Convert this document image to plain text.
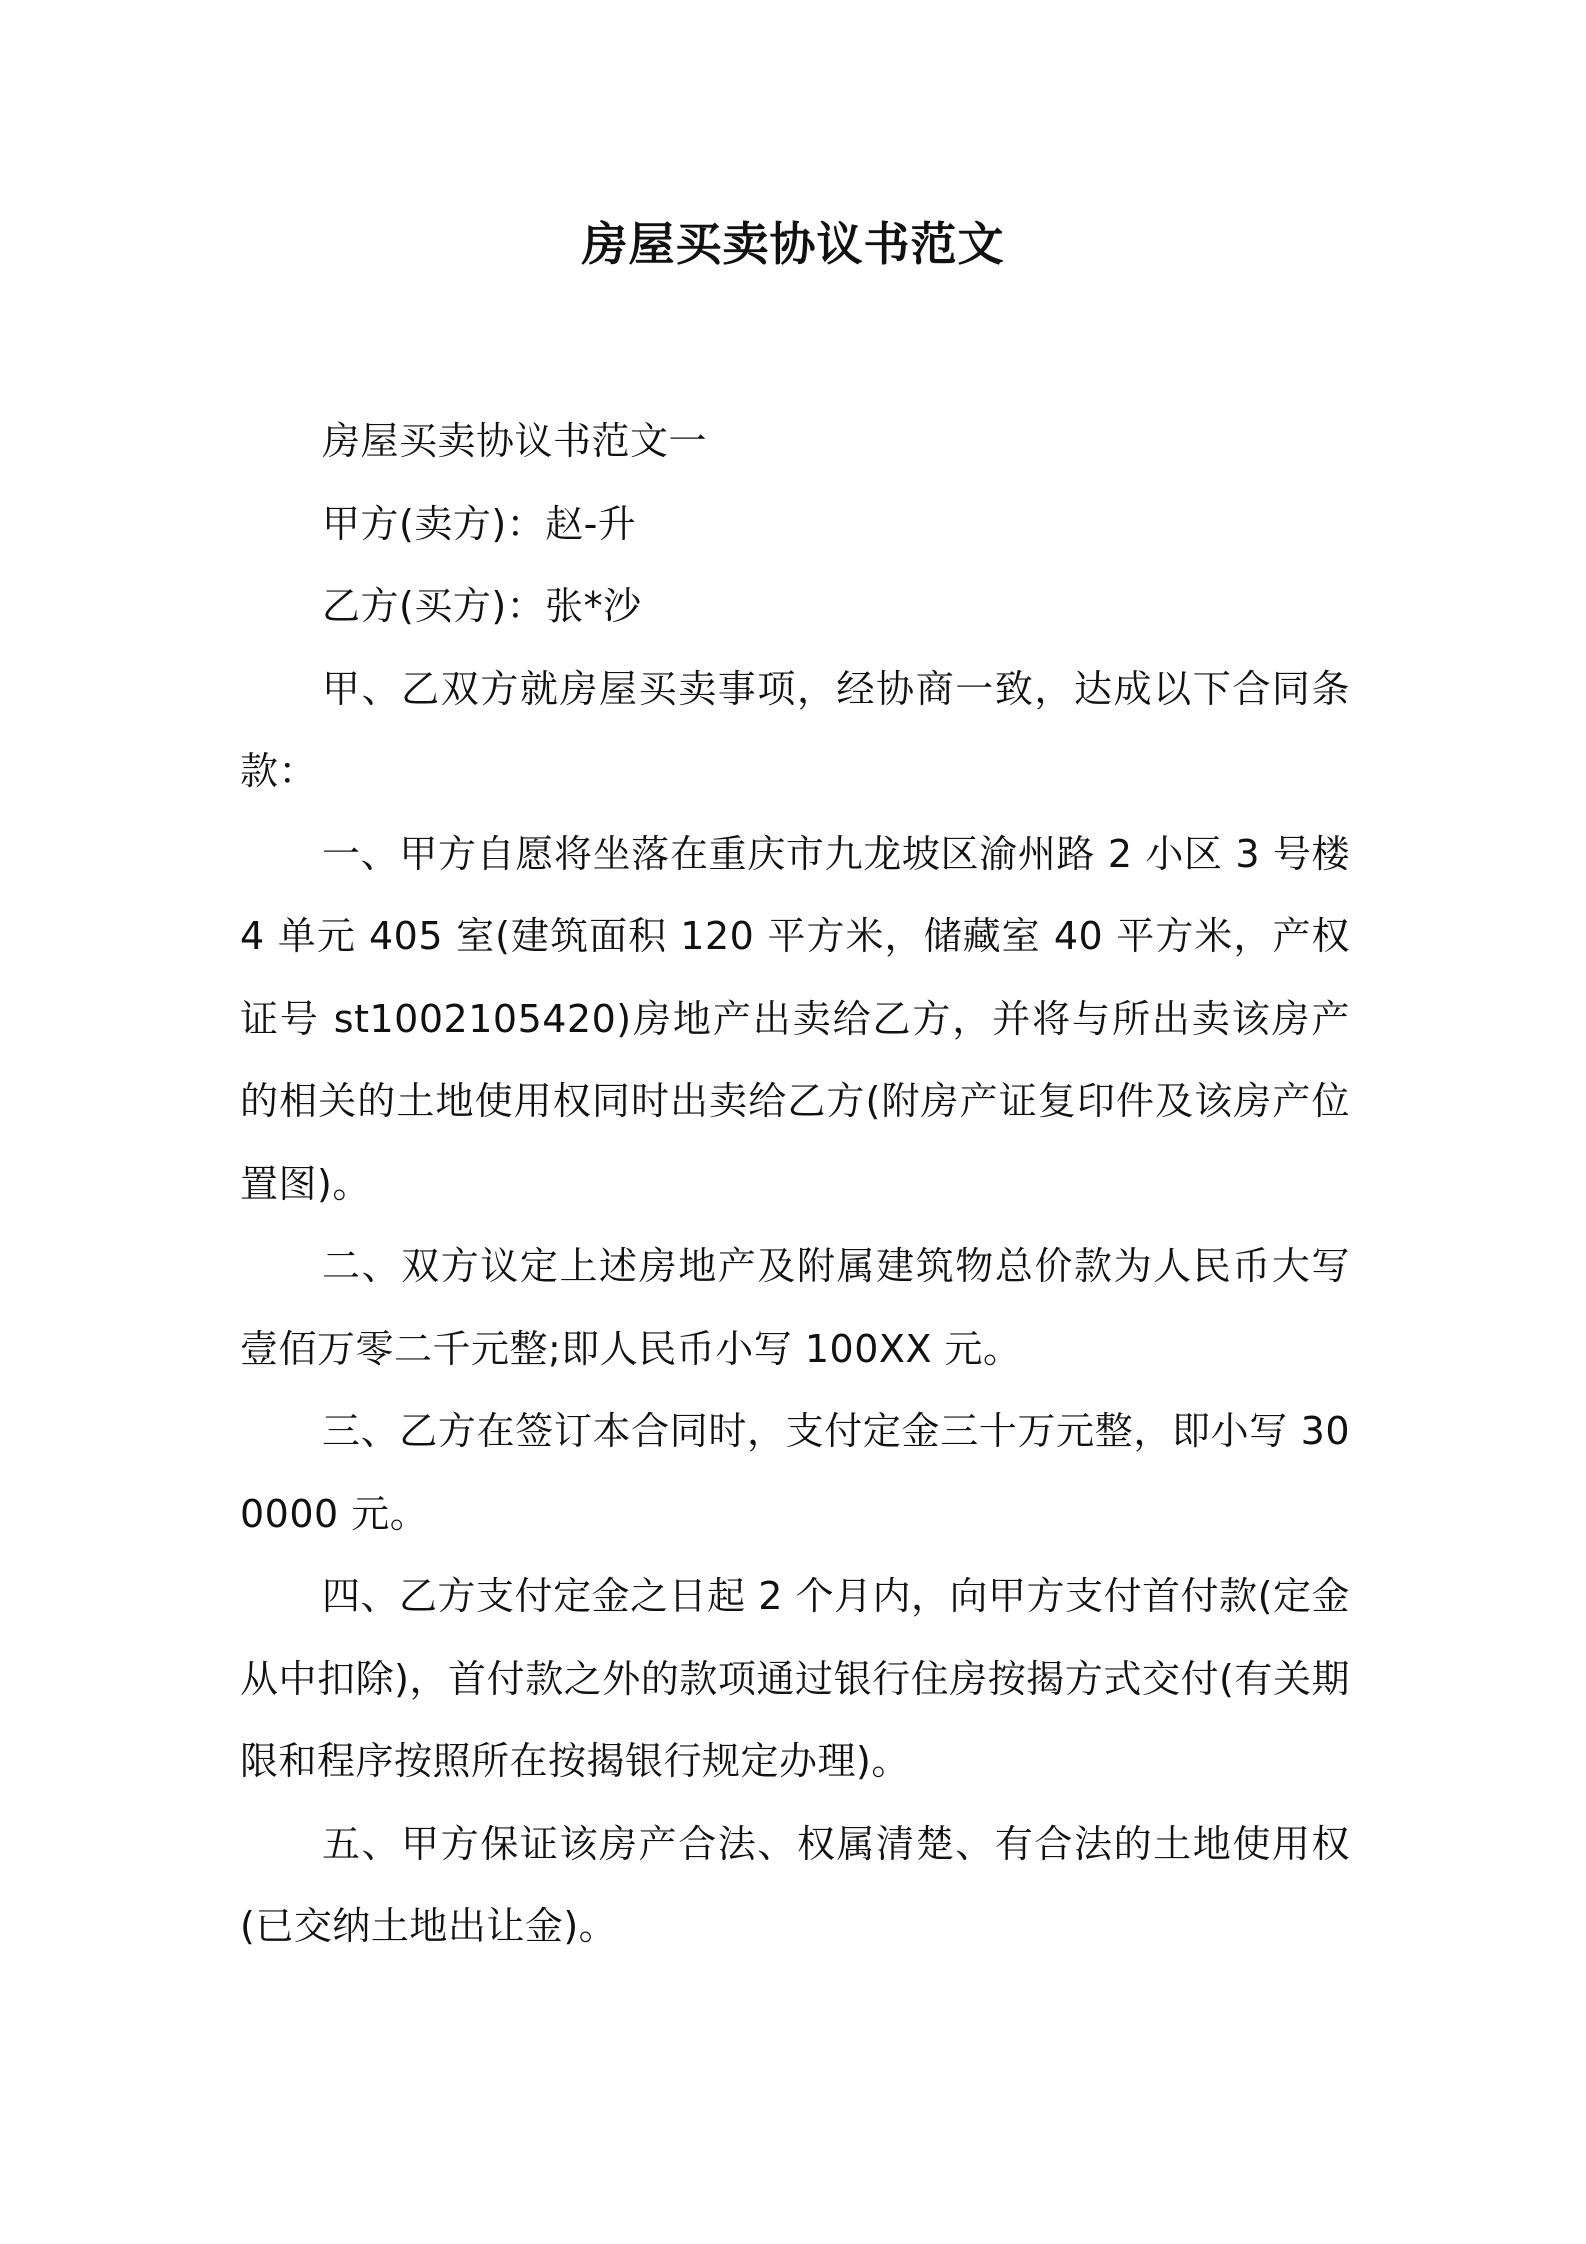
房屋买卖协议书范文

房屋买卖协议书范文一

甲方(卖方)：赵-升

乙方(买方)：张*沙

甲、乙双方就房屋买卖事项，经协商一致，达成以下合同条款：

一、甲方自愿将坐落在重庆市九龙坡区渝州路 2 小区 3 号楼 4 单元 405 室(建筑面积 120 平方米，储藏室 40 平方米，产权证号 st1002105420)房地产出卖给乙方，并将与所出卖该房产的相关的土地使用权同时出卖给乙方(附房产证复印件及该房产位置图)。

二、双方议定上述房地产及附属建筑物总价款为人民币大写壹佰万零二千元整;即人民币小写 100XX 元。

三、乙方在签订本合同时，支付定金三十万元整，即小写 300000 元。

四、乙方支付定金之日起 2 个月内，向甲方支付首付款(定金从中扣除)，首付款之外的款项通过银行住房按揭方式交付(有关期限和程序按照所在按揭银行规定办理)。

五、甲方保证该房产合法、权属清楚、有合法的土地使用权(已交纳土地出让金)。
